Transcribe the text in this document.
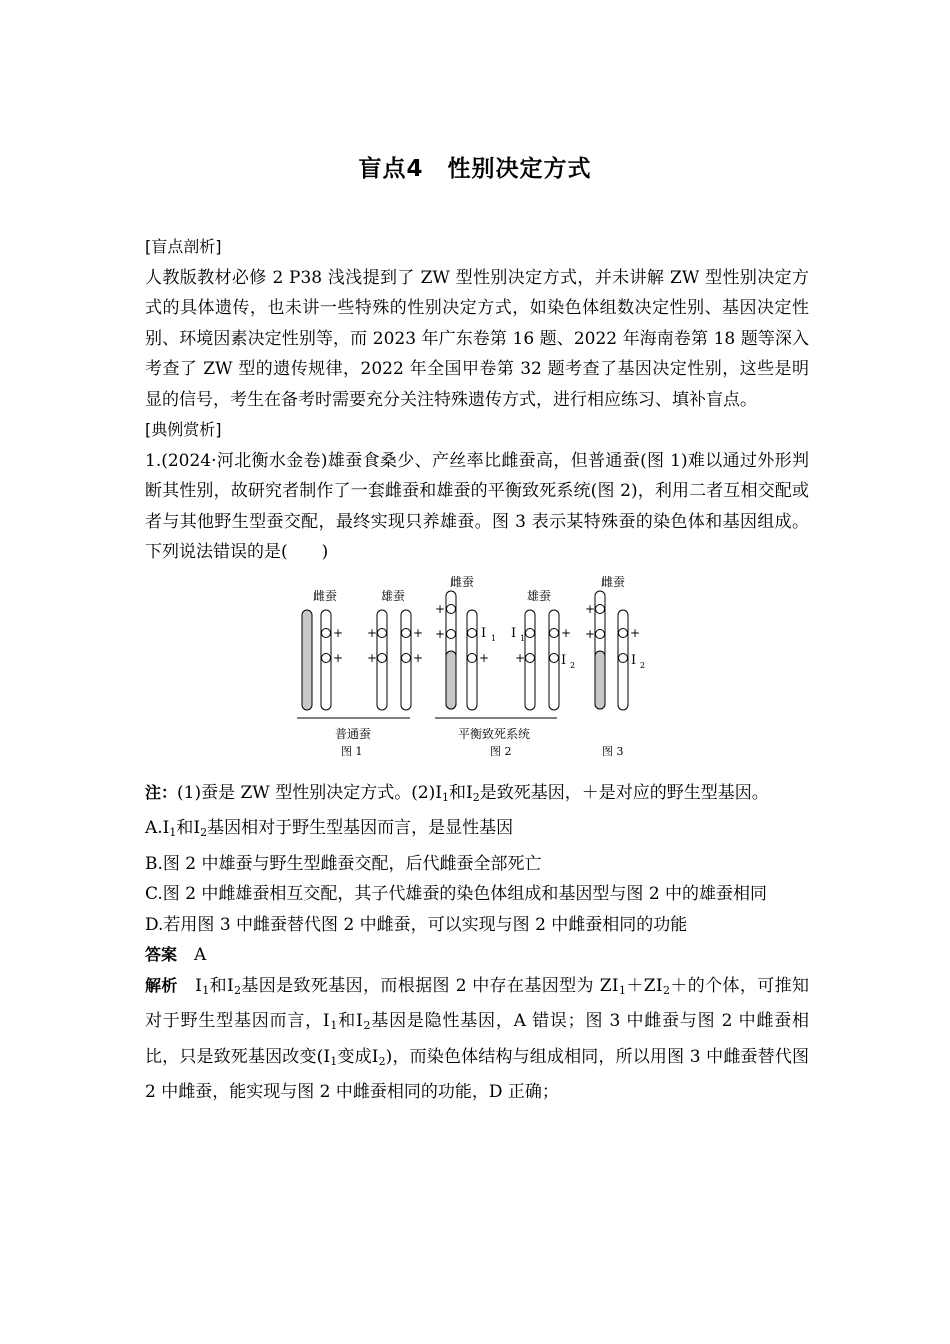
盲点4　性别决定方式

[盲点剖析]

人教版教材必修 2 P38 浅浅提到了 ZW 型性别决定方式，并未讲解 ZW 型性别决定方式的具体遗传，也未讲一些特殊的性别决定方式，如染色体组数决定性别、基因决定性别、环境因素决定性别等，而 2023 年广东卷第 16 题、2022 年海南卷第 18 题等深入考查了 ZW 型的遗传规律，2022 年全国甲卷第 32 题考查了基因决定性别，这些是明显的信号，考生在备考时需要充分关注特殊遗传方式，进行相应练习、填补盲点。

[典例赏析]

1.(2024·河北衡水金卷)雄蚕食桑少、产丝率比雌蚕高，但普通蚕(图 1)难以通过外形判断其性别，故研究者制作了一套雌蚕和雄蚕的平衡致死系统(图 2)，利用二者互相交配或者与其他野生型蚕交配，最终实现只养雄蚕。图 3 表示某特殊蚕的染色体和基因组成。下列说法错误的是(　　)

雌蚕	雄蚕
+
+
+
+
+
+
普通蚕
图 1
雌蚕
雄蚕
+
+	Ⅰ 1
+
Ⅰ 1
+
+
Ⅰ 2
平衡致死系统
图 2
雌蚕
+
+	+
Ⅰ 2
图 3

注：(1)蚕是 ZW 型性别决定方式。$(2)Ⅰ_1$和$Ⅰ_2$是致死基因，＋是对应的野生型基因。

$A.Ⅰ_1$和$Ⅰ_2$基因相对于野生型基因而言，是显性基因

B.图 2 中雄蚕与野生型雌蚕交配，后代雌蚕全部死亡

C.图 2 中雌雄蚕相互交配，其子代雄蚕的染色体组成和基因型与图 2 中的雄蚕相同

D.若用图 3 中雌蚕替代图 2 中雌蚕，可以实现与图 2 中雌蚕相同的功能

答案　 A

解析　$Ⅰ_1$和$Ⅰ_2$基因是致死基因，而根据图 2 中存在基因型为 $ZⅠ_1+ZⅠ_2+$的个体，可推知对于野生型基因而言，$Ⅰ_1$和$Ⅰ_2$基因是隐性基因，A 错误；图 3 中雌蚕与图 2 中雌蚕相比，只是致死基因改变($Ⅰ_1$变成$Ⅰ_2$)，而染色体结构与组成相同，所以用图 3 中雌蚕替代图 2 中雌蚕，能实现与图 2 中雌蚕相同的功能，D 正确；
